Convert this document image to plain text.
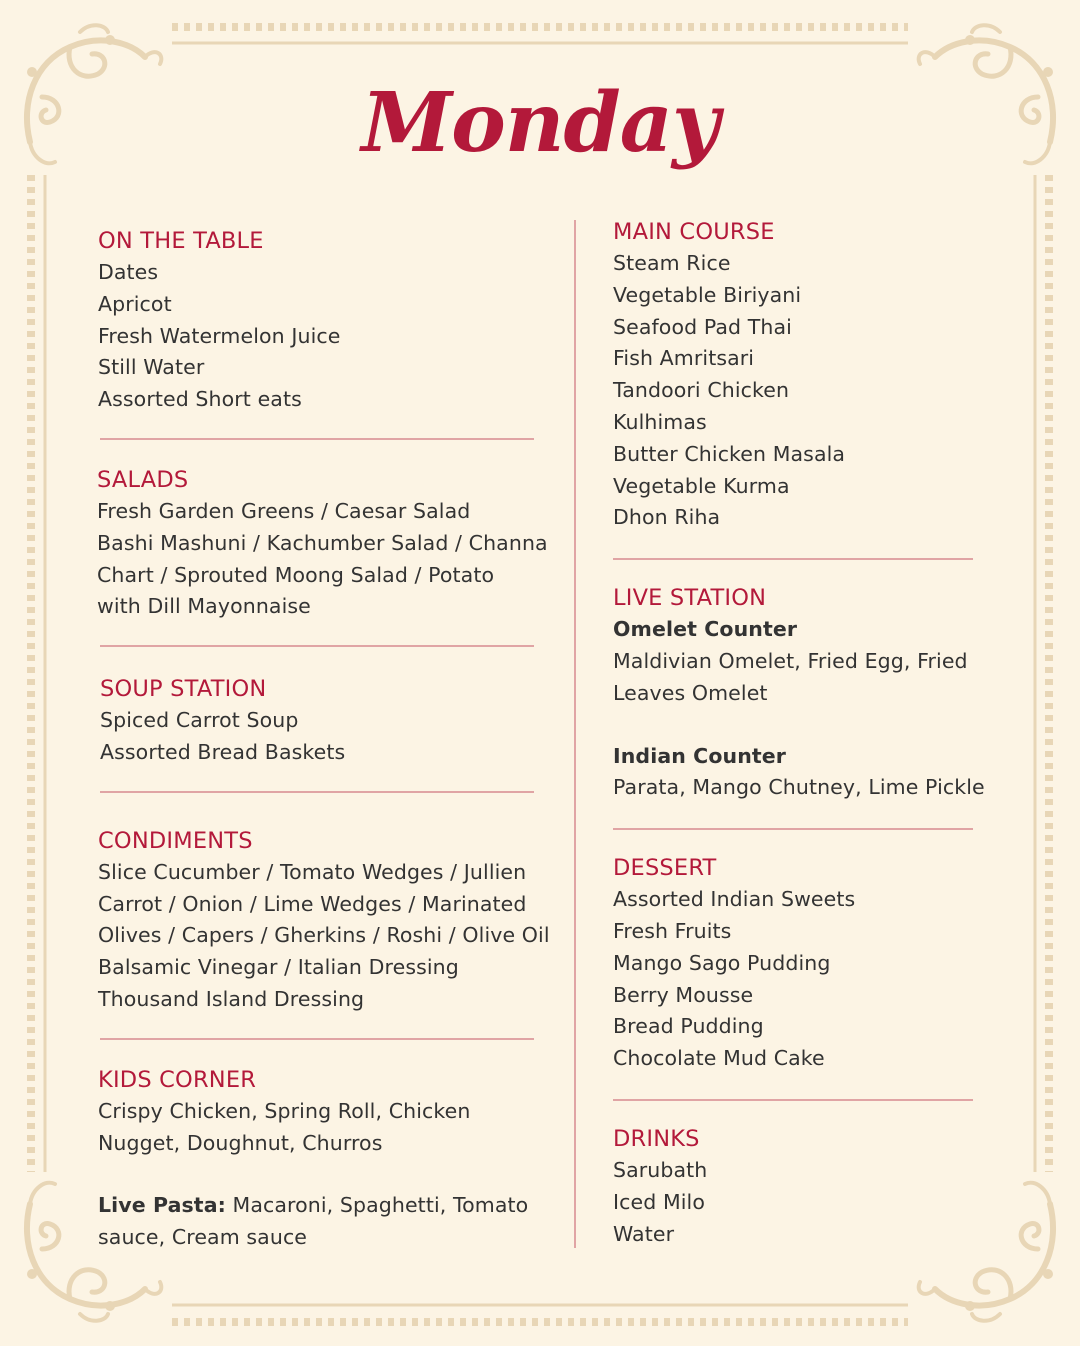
Monday
ON THE TABLE
Dates
Apricot
Fresh Watermelon Juice
Still Water
Assorted Short eats
SALADS
Fresh Garden Greens / Caesar Salad
Bashi Mashuni / Kachumber Salad / Channa
Chart / Sprouted Moong Salad / Potato
with Dill Mayonnaise
SOUP STATION
Spiced Carrot Soup
Assorted Bread Baskets
CONDIMENTS
Slice Cucumber / Tomato Wedges / Jullien
Carrot / Onion / Lime Wedges / Marinated
Olives / Capers / Gherkins / Roshi / Olive Oil
Balsamic Vinegar / Italian Dressing
Thousand Island Dressing
KIDS CORNER
Crispy Chicken, Spring Roll, Chicken
Nugget, Doughnut, Churros
Live Pasta: Macaroni, Spaghetti, Tomato
sauce, Cream sauce
MAIN COURSE
Steam Rice
Vegetable Biriyani
Seafood Pad Thai
Fish Amritsari
Tandoori Chicken
Kulhimas
Butter Chicken Masala
Vegetable Kurma
Dhon Riha
LIVE STATION
Omelet Counter
Maldivian Omelet, Fried Egg, Fried
Leaves Omelet
Indian Counter
Parata, Mango Chutney, Lime Pickle
DESSERT
Assorted Indian Sweets
Fresh Fruits
Mango Sago Pudding
Berry Mousse
Bread Pudding
Chocolate Mud Cake
DRINKS
Sarubath
Iced Milo
Water
